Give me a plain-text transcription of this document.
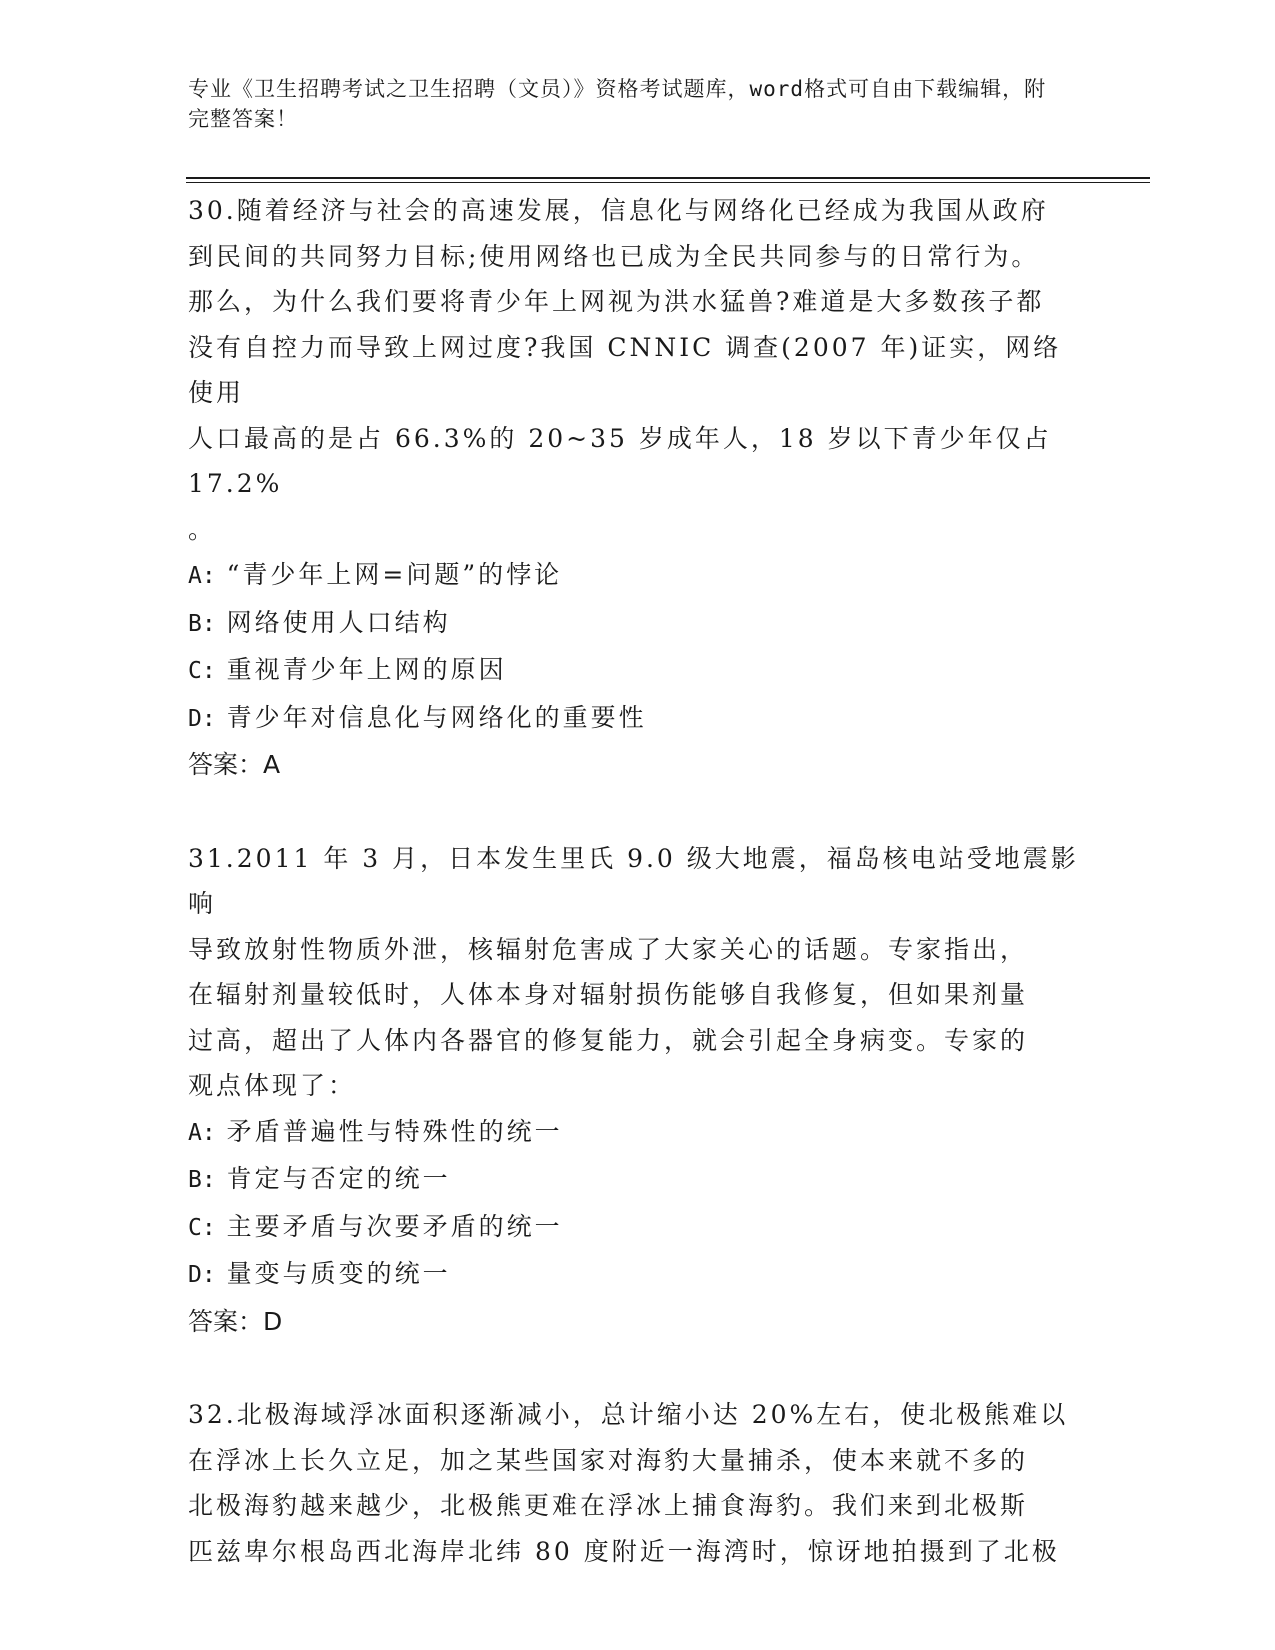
专业《卫生招聘考试之卫生招聘（文员）》资格考试题库，word格式可自由下载编辑，附完整答案！

30.随着经济与社会的高速发展，信息化与网络化已经成为我国从政府

到民间的共同努力目标;使用网络也已成为全民共同参与的日常行为。

那么，为什么我们要将青少年上网视为洪水猛兽?难道是大多数孩子都

没有自控力而导致上网过度?我国 CNNIC 调查(2007 年)证实，网络使用

人口最高的是占 66.3%的 20~35 岁成年人，18 岁以下青少年仅占 17.2%

。

A: “青少年上网=问题”的悖论

B: 网络使用人口结构

C: 重视青少年上网的原因

D: 青少年对信息化与网络化的重要性

答案：A

31.2011 年 3 月，日本发生里氏 9.0 级大地震，福岛核电站受地震影响

导致放射性物质外泄，核辐射危害成了大家关心的话题。专家指出，

在辐射剂量较低时，人体本身对辐射损伤能够自我修复，但如果剂量

过高，超出了人体内各器官的修复能力，就会引起全身病变。专家的

观点体现了：

A: 矛盾普遍性与特殊性的统一

B: 肯定与否定的统一

C: 主要矛盾与次要矛盾的统一

D: 量变与质变的统一

答案：D

32.北极海域浮冰面积逐渐减小，总计缩小达 20%左右，使北极熊难以

在浮冰上长久立足，加之某些国家对海豹大量捕杀，使本来就不多的

北极海豹越来越少，北极熊更难在浮冰上捕食海豹。我们来到北极斯

匹兹卑尔根岛西北海岸北纬 80 度附近一海湾时，惊讶地拍摄到了北极
